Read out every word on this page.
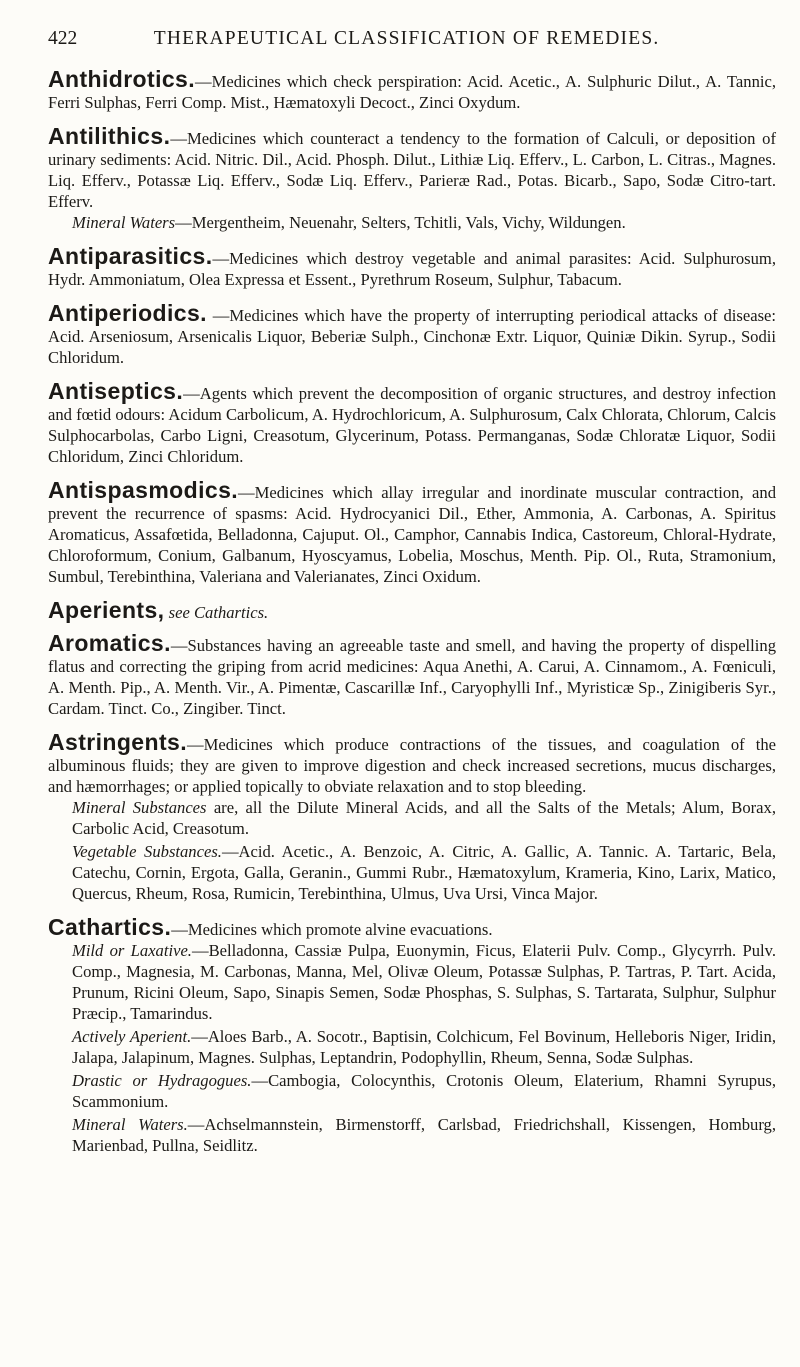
422	THERAPEUTICAL CLASSIFICATION OF REMEDIES.

Anthidrotics.—Medicines which check perspiration: Acid. Acetic., A. Sulphuric Dilut., A. Tannic, Ferri Sulphas, Ferri Comp. Mist., Hæmatoxyli Decoct., Zinci Oxydum.

Antilithics.—Medicines which counteract a tendency to the formation of Calculi, or deposition of urinary sediments: Acid. Nitric. Dil., Acid. Phosph. Dilut., Lithiæ Liq. Efferv., L. Carbon, L. Citras., Magnes. Liq. Efferv., Potassæ Liq. Efferv., Sodæ Liq. Efferv., Parieræ Rad., Potas. Bicarb., Sapo, Sodæ Citro-tart. Efferv.

Mineral Waters—Mergentheim, Neuenahr, Selters, Tchitli, Vals, Vichy, Wildungen.

Antiparasitics.—Medicines which destroy vegetable and animal parasites: Acid. Sulphurosum, Hydr. Ammoniatum, Olea Expressa et Essent., Pyrethrum Roseum, Sulphur, Tabacum.

Antiperiodics. —Medicines which have the property of interrupting periodical attacks of disease: Acid. Arseniosum, Arsenicalis Liquor, Beberiæ Sulph., Cinchonæ Extr. Liquor, Quiniæ Dikin. Syrup., Sodii Chloridum.

Antiseptics.—Agents which prevent the decomposition of organic structures, and destroy infection and fœtid odours: Acidum Carbolicum, A. Hydrochloricum, A. Sulphurosum, Calx Chlorata, Chlorum, Calcis Sulphocarbolas, Carbo Ligni, Creasotum, Glycerinum, Potass. Permanganas, Sodæ Chloratæ Liquor, Sodii Chloridum, Zinci Chloridum.

Antispasmodics.—Medicines which allay irregular and inordinate muscular contraction, and prevent the recurrence of spasms: Acid. Hydrocyanici Dil., Ether, Ammonia, A. Carbonas, A. Spiritus Aromaticus, Assafœtida, Belladonna, Cajuput. Ol., Camphor, Cannabis Indica, Castoreum, Chloral-Hydrate, Chloroformum, Conium, Galbanum, Hyoscyamus, Lobelia, Moschus, Menth. Pip. Ol., Ruta, Stramonium, Sumbul, Terebinthina, Valeriana and Valerianates, Zinci Oxidum.

Aperients, see Cathartics.

Aromatics.—Substances having an agreeable taste and smell, and having the property of dispelling flatus and correcting the griping from acrid medicines: Aqua Anethi, A. Carui, A. Cinnamom., A. Fœniculi, A. Menth. Pip., A. Menth. Vir., A. Pimentæ, Cascarillæ Inf., Caryophylli Inf., Myristicæ Sp., Zinigiberis Syr., Cardam. Tinct. Co., Zingiber. Tinct.

Astringents.—Medicines which produce contractions of the tissues, and coagulation of the albuminous fluids; they are given to improve digestion and check increased secretions, mucus discharges, and hæmorrhages; or applied topically to obviate relaxation and to stop bleeding.

Mineral Substances are, all the Dilute Mineral Acids, and all the Salts of the Metals; Alum, Borax, Carbolic Acid, Creasotum.

Vegetable Substances.—Acid. Acetic., A. Benzoic, A. Citric, A. Gallic, A. Tannic. A. Tartaric, Bela, Catechu, Cornin, Ergota, Galla, Geranin., Gummi Rubr., Hæmatoxylum, Krameria, Kino, Larix, Matico, Quercus, Rheum, Rosa, Rumicin, Terebinthina, Ulmus, Uva Ursi, Vinca Major.

Cathartics.—Medicines which promote alvine evacuations.

Mild or Laxative.—Belladonna, Cassiæ Pulpa, Euonymin, Ficus, Elaterii Pulv. Comp., Glycyrrh. Pulv. Comp., Magnesia, M. Carbonas, Manna, Mel, Olivæ Oleum, Potassæ Sulphas, P. Tartras, P. Tart. Acida, Prunum, Ricini Oleum, Sapo, Sinapis Semen, Sodæ Phosphas, S. Sulphas, S. Tartarata, Sulphur, Sulphur Præcip., Tamarindus.

Actively Aperient.—Aloes Barb., A. Socotr., Baptisin, Colchicum, Fel Bovinum, Helleboris Niger, Iridin, Jalapa, Jalapinum, Magnes. Sulphas, Leptandrin, Podophyllin, Rheum, Senna, Sodæ Sulphas.

Drastic or Hydragogues.—Cambogia, Colocynthis, Crotonis Oleum, Elaterium, Rhamni Syrupus, Scammonium.

Mineral Waters.—Achselmannstein, Birmenstorff, Carlsbad, Friedrichshall, Kissengen, Homburg, Marienbad, Pullna, Seidlitz.
